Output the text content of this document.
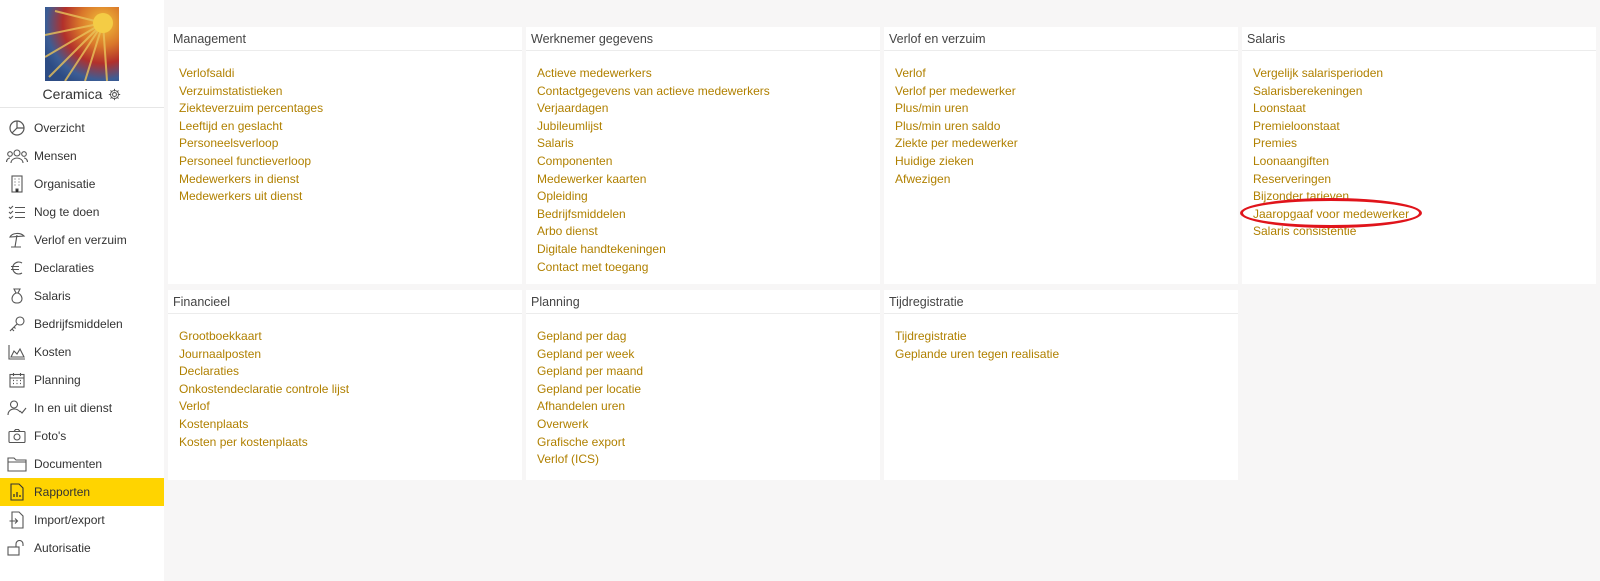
Ceramica
Overzicht
Mensen
Organisatie
Nog te doen
Verlof en verzuim
Declaraties
Salaris
Bedrijfsmiddelen
Kosten
Planning
In en uit dienst
Foto's
Documenten
Rapporten
Import/export
Autorisatie
Management
Verlofsaldi
Verzuimstatistieken
Ziekteverzuim percentages
Leeftijd en geslacht
Personeelsverloop
Personeel functieverloop
Medewerkers in dienst
Medewerkers uit dienst
Werknemer gegevens
Actieve medewerkers
Contactgegevens van actieve medewerkers
Verjaardagen
Jubileumlijst
Salaris
Componenten
Medewerker kaarten
Opleiding
Bedrijfsmiddelen
Arbo dienst
Digitale handtekeningen
Contact met toegang
Verlof en verzuim
Verlof
Verlof per medewerker
Plus/min uren
Plus/min uren saldo
Ziekte per medewerker
Huidige zieken
Afwezigen
Salaris
Vergelijk salarisperioden
Salarisberekeningen
Loonstaat
Premieloonstaat
Premies
Loonaangiften
Reserveringen
Bijzonder tarieven
Jaaropgaaf voor medewerker
Salaris consistentie
Financieel
Grootboekkaart
Journaalposten
Declaraties
Onkostendeclaratie controle lijst
Verlof
Kostenplaats
Kosten per kostenplaats
Planning
Gepland per dag
Gepland per week
Gepland per maand
Gepland per locatie
Afhandelen uren
Overwerk
Grafische export
Verlof (ICS)
Tijdregistratie
Tijdregistratie
Geplande uren tegen realisatie
